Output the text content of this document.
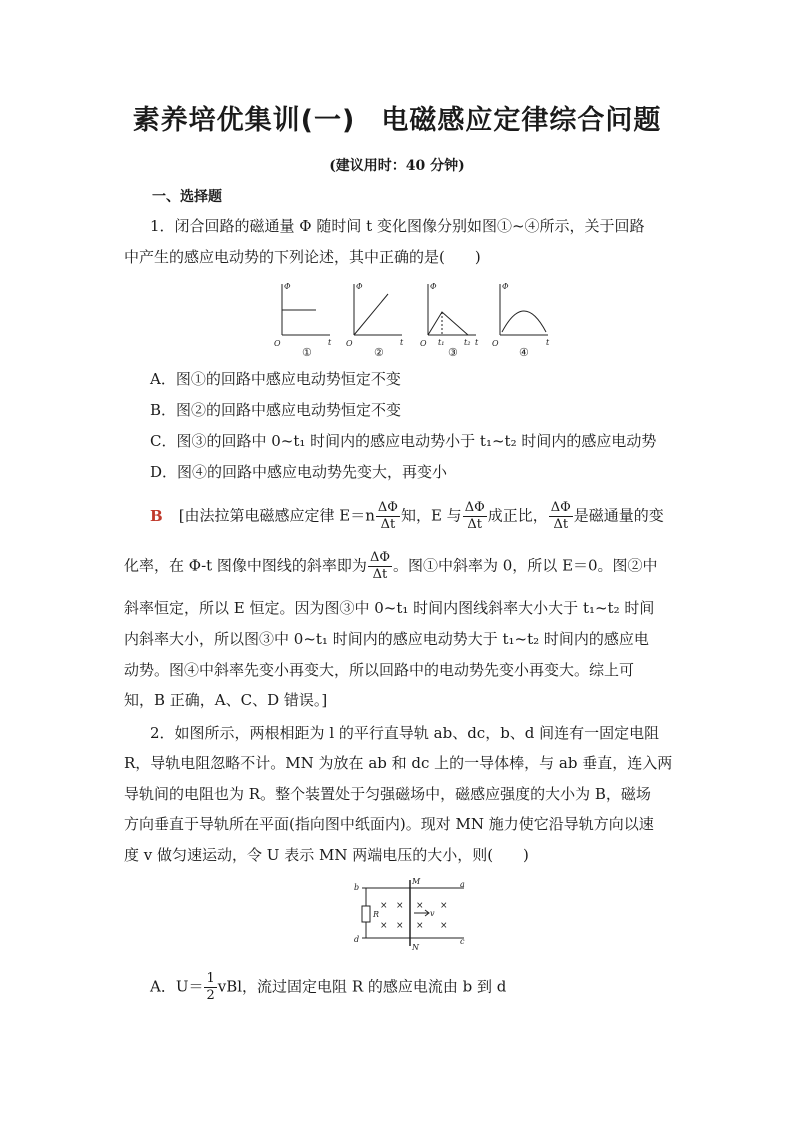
素养培优集训(一) 电磁感应定律综合问题
(建议用时：40 分钟)
一、选择题
1．闭合回路的磁通量 Φ 随时间 t 变化图像分别如图①~④所示，关于回路
中产生的感应电动势的下列论述，其中正确的是(　　)
Φ
t
O
Φ
t
O
Φ
t₁ t₂ t
O
Φ
t
O
①	②	③	④
A．图①的回路中感应电动势恒定不变
B．图②的回路中感应电动势恒定不变
C．图③的回路中 0~t₁ 时间内的感应电动势小于 t₁~t₂ 时间内的感应电动势
D．图④的回路中感应电动势先变大，再变小
B [由法拉第电磁感应定律 $E=n \frac{\Delta\Phi}{\Delta t}$ 知，E 与 $\frac{\Delta\Phi}{\Delta t}$ 成正比， $\frac{\Delta\Phi}{\Delta t}$ 是磁通量的变
化率，在 Φ-t 图像中图线的斜率即为 $\frac{\Delta\Phi}{\Delta t}$ 。图①中斜率为 0，所以 E＝0。图②中
斜率恒定，所以 E 恒定。因为图③中 0~t₁ 时间内图线斜率大小大于 t₁~t₂ 时间
内斜率大小，所以图③中 0~t₁ 时间内的感应电动势大于 t₁~t₂ 时间内的感应电
动势。图④中斜率先变小再变大，所以回路中的电动势先变小再变大。综上可
知，B 正确，A、C、D 错误。]
2．如图所示，两根相距为 l 的平行直导轨 ab、dc，b、d 间连有一固定电阻
R，导轨电阻忽略不计。MN 为放在 ab 和 dc 上的一导体棒，与 ab 垂直，连入两
导轨间的电阻也为 R。整个装置处于匀强磁场中，磁感应强度的大小为 B，磁场
方向垂直于导轨所在平面(指向图中纸面内)。现对 MN 施力使它沿导轨方向以速
度 v 做匀速运动，令 U 表示 MN 两端电压的大小，则(　　)
b	a
d	c
M
N
R	v
× × × ×
× × × ×
A．$U= \frac{1}{2}$ vBl，流过固定电阻 R 的感应电流由 b 到 d
